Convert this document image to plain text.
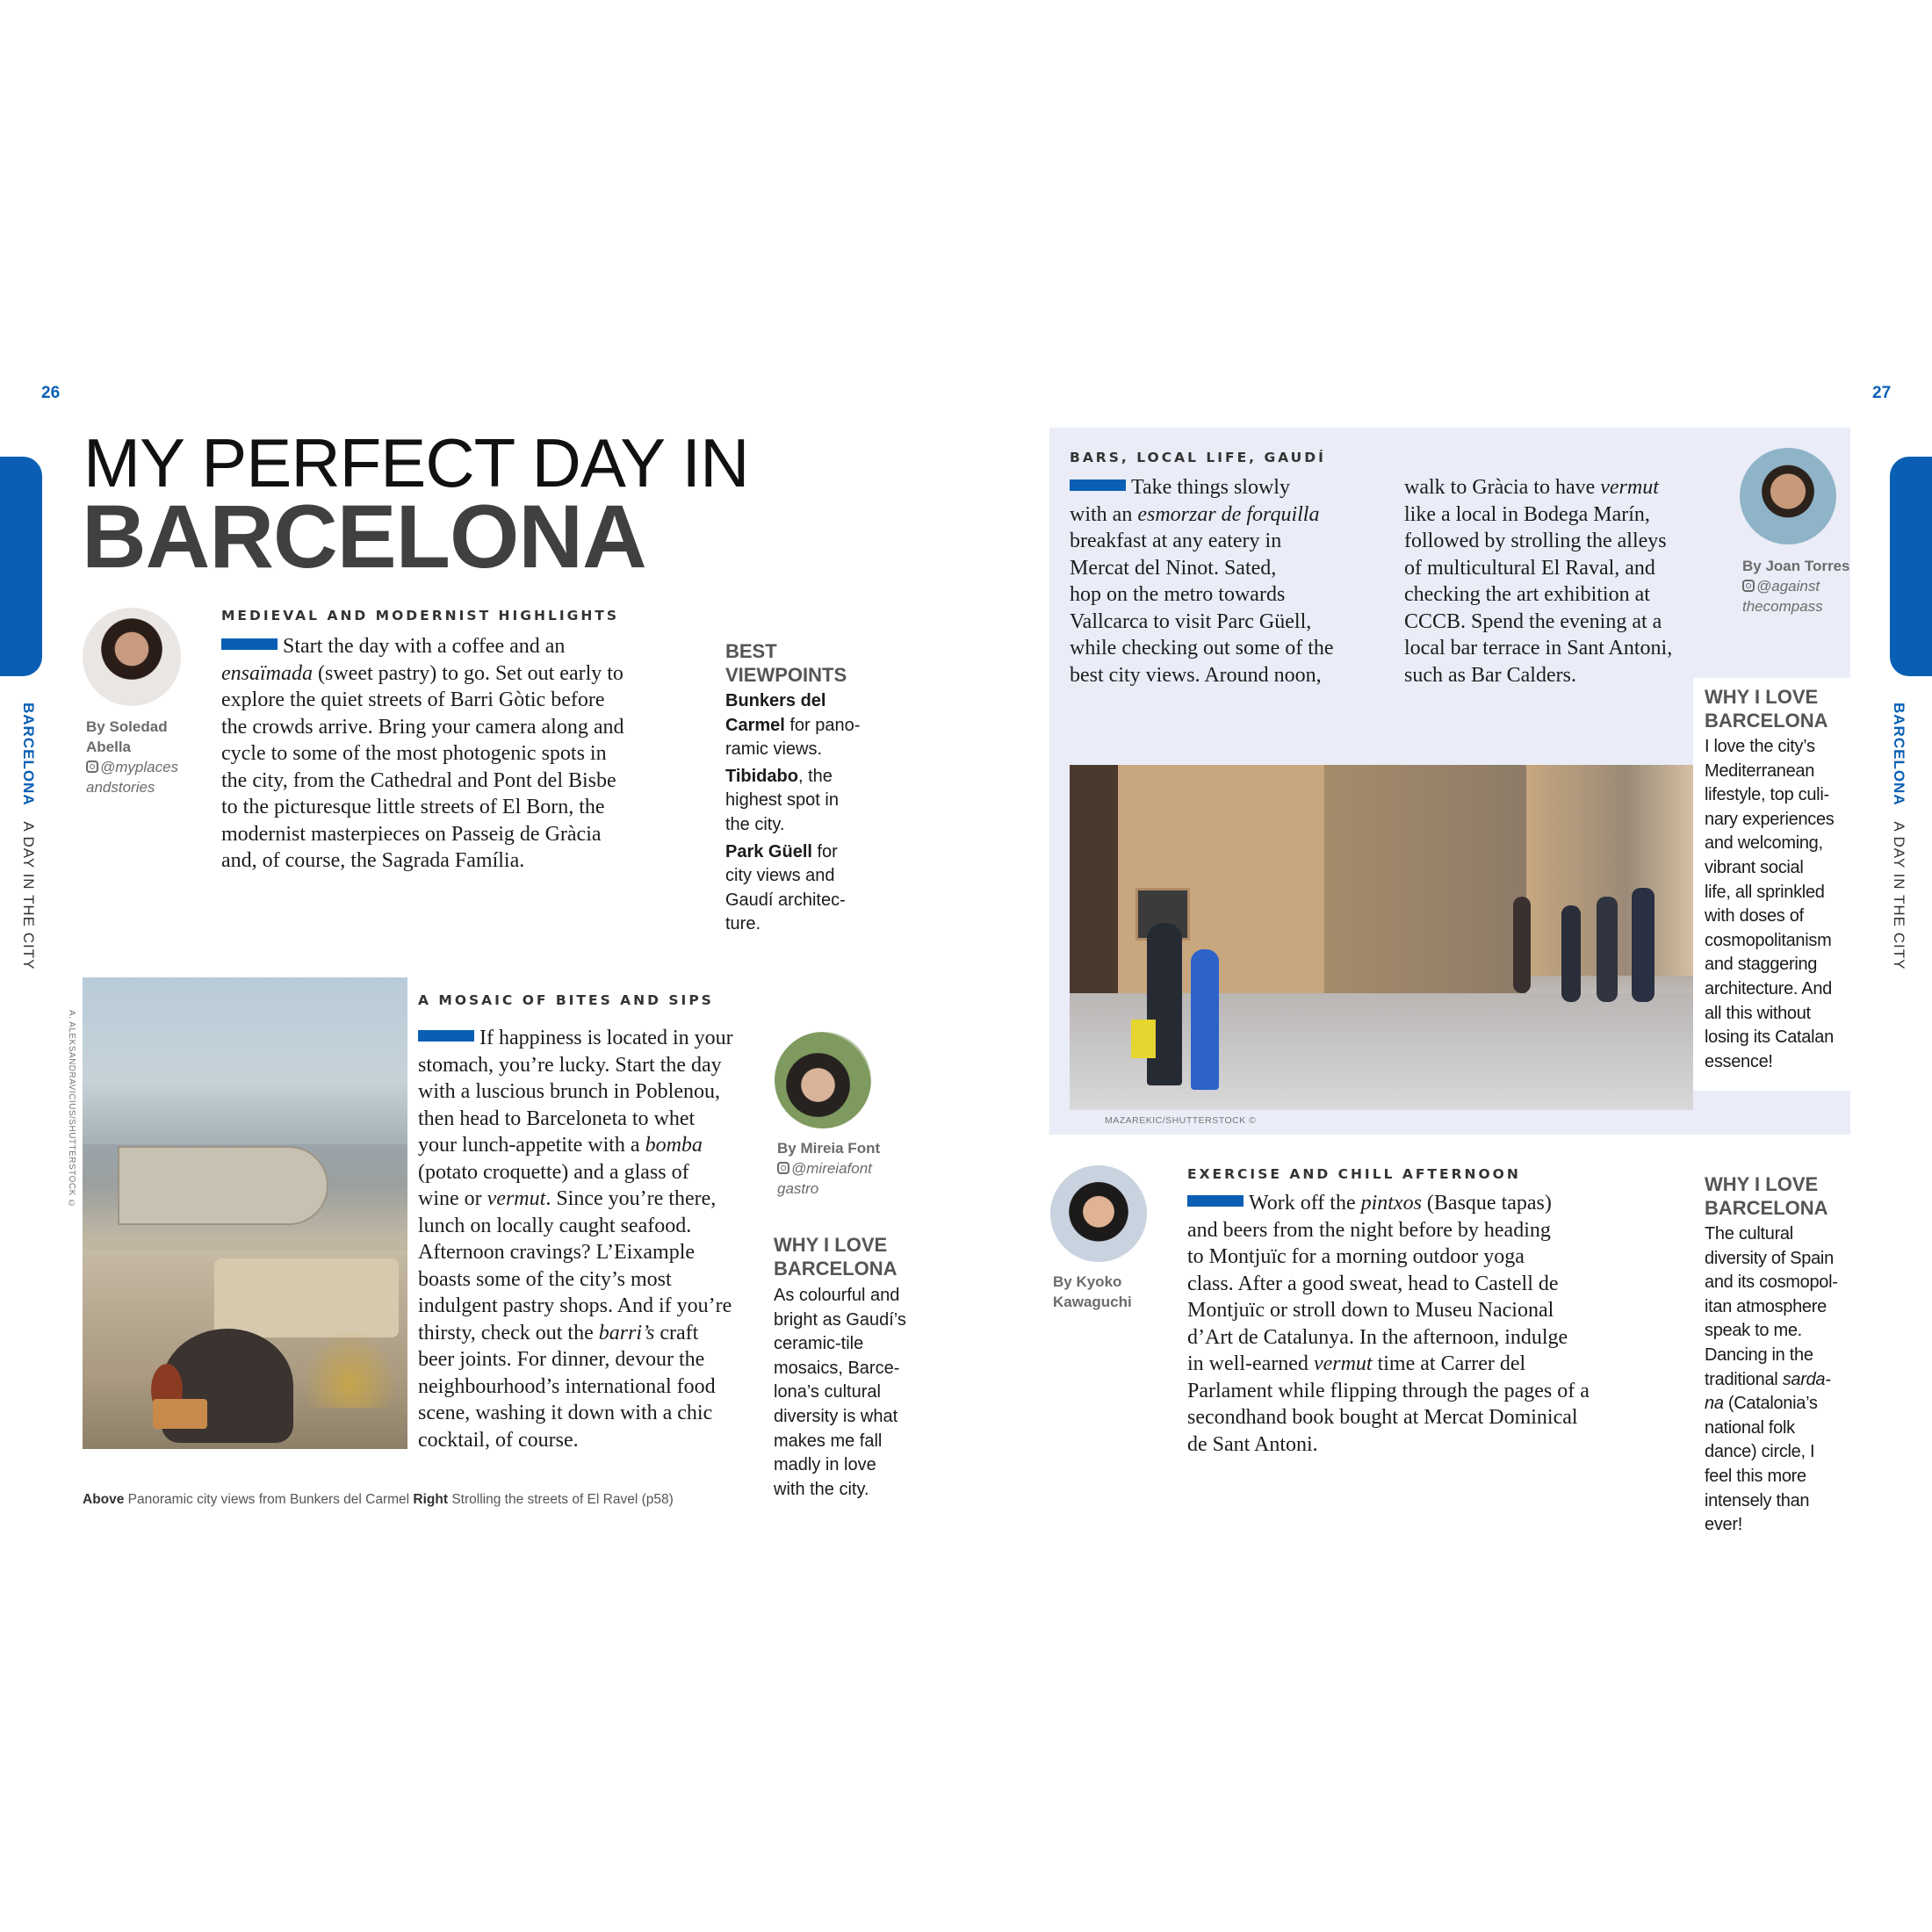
26
BARCELONA A DAY IN THE CITY
MY PERFECT DAY IN
BARCELONA
By Soledad
Abella
@myplaces
andstories
MEDIEVAL AND MODERNIST HIGHLIGHTS
Start the day with a coffee and an
ensaïmada (sweet pastry) to go. Set out early to
explore the quiet streets of Barri Gòtic before
the crowds arrive. Bring your camera along and
cycle to some of the most photogenic spots in
the city, from the Cathedral and Pont del Bisbe
to the picturesque little streets of El Born, the
modernist masterpieces on Passeig de Gràcia
and, of course, the Sagrada Família.
BEST
VIEWPOINTS
Bunkers del
Carmel for pano-
ramic views.
Tibidabo, the
highest spot in
the city.
Park Güell for
city views and
Gaudí architec-
ture.
A. ALEKSANDRAVICIUS/SHUTTERSTOCK ©
A MOSAIC OF BITES AND SIPS
If happiness is located in your
stomach, you’re lucky. Start the day
with a luscious brunch in Poblenou,
then head to Barceloneta to whet
your lunch-appetite with a bomba
(potato croquette) and a glass of
wine or vermut. Since you’re there,
lunch on locally caught seafood.
Afternoon cravings? L’Eixample
boasts some of the city’s most
indulgent pastry shops. And if you’re
thirsty, check out the barri’s craft
beer joints. For dinner, devour the
neighbourhood’s international food
scene, washing it down with a chic
cocktail, of course.
By Mireia Font
@mireiafont
gastro
WHY I LOVE
BARCELONA
As colourful and
bright as Gaudí’s
ceramic-tile
mosaics, Barce-
lona’s cultural
diversity is what
makes me fall
madly in love
with the city.
Above Panoramic city views from Bunkers del Carmel Right Strolling the streets of El Ravel (p58)
27
BARCELONA A DAY IN THE CITY
BARS, LOCAL LIFE, GAUDÍ
Take things slowly
with an esmorzar de forquilla
breakfast at any eatery in
Mercat del Ninot. Sated,
hop on the metro towards
Vallcarca to visit Parc Güell,
while checking out some of the
best city views. Around noon,
walk to Gràcia to have vermut
like a local in Bodega Marín,
followed by strolling the alleys
of multicultural El Raval, and
checking the art exhibition at
CCCB. Spend the evening at a
local bar terrace in Sant Antoni,
such as Bar Calders.
By Joan Torres
@against
thecompass
WHY I LOVE
BARCELONA
I love the city’s
Mediterranean
lifestyle, top culi-
nary experiences
and welcoming,
vibrant social
life, all sprinkled
with doses of
cosmopolitanism
and staggering
architecture. And
all this without
losing its Catalan
essence!
MAZAREKIC/SHUTTERSTOCK ©
By Kyoko
Kawaguchi
EXERCISE AND CHILL AFTERNOON
Work off the pintxos (Basque tapas)
and beers from the night before by heading
to Montjuïc for a morning outdoor yoga
class. After a good sweat, head to Castell de
Montjuïc or stroll down to Museu Nacional
d’Art de Catalunya. In the afternoon, indulge
in well-earned vermut time at Carrer del
Parlament while flipping through the pages of a
secondhand book bought at Mercat Dominical
de Sant Antoni.
WHY I LOVE
BARCELONA
The cultural
diversity of Spain
and its cosmopol-
itan atmosphere
speak to me.
Dancing in the
traditional sarda-
na (Catalonia’s
national folk
dance) circle, I
feel this more
intensely than
ever!
